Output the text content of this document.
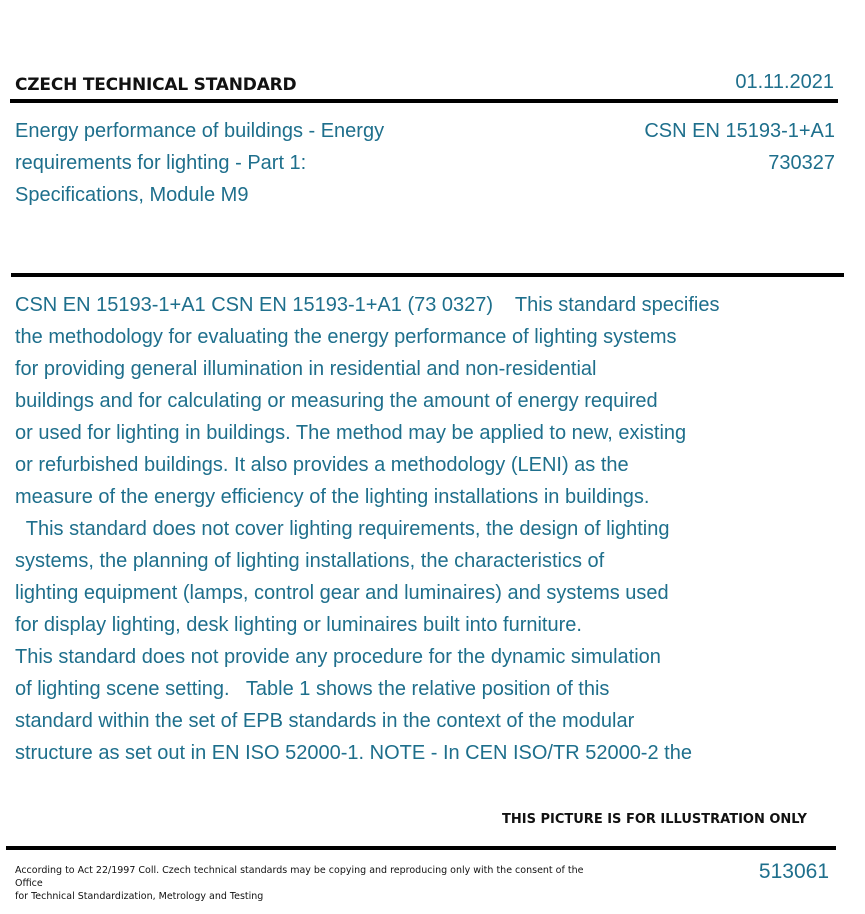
CZECH TECHNICAL STANDARD	01.11.2021
Energy performance of buildings - Energy
requirements for lighting - Part 1:
Specifications, Module M9
CSN EN 15193-1+A1
730327
CSN EN 15193-1+A1 CSN EN 15193-1+A1 (73 0327)    This standard specifies
the methodology for evaluating the energy performance of lighting systems
for providing general illumination in residential and non-residential
buildings and for calculating or measuring the amount of energy required
or used for lighting in buildings. The method may be applied to new, existing
or refurbished buildings. It also provides a methodology (LENI) as the
measure of the energy efficiency of the lighting installations in buildings.
This standard does not cover lighting requirements, the design of lighting
systems, the planning of lighting installations, the characteristics of
lighting equipment (lamps, control gear and luminaires) and systems used
for display lighting, desk lighting or luminaires built into furniture.
This standard does not provide any procedure for the dynamic simulation
of lighting scene setting.   Table 1 shows the relative position of this
standard within the set of EPB standards in the context of the modular
structure as set out in EN ISO 52000-1. NOTE - In CEN ISO/TR 52000-2 the
THIS PICTURE IS FOR ILLUSTRATION ONLY
According to Act 22/1997 Coll. Czech technical standards may be copying and reproducing only with the consent of the Office
for Technical Standardization, Metrology and Testing
513061
